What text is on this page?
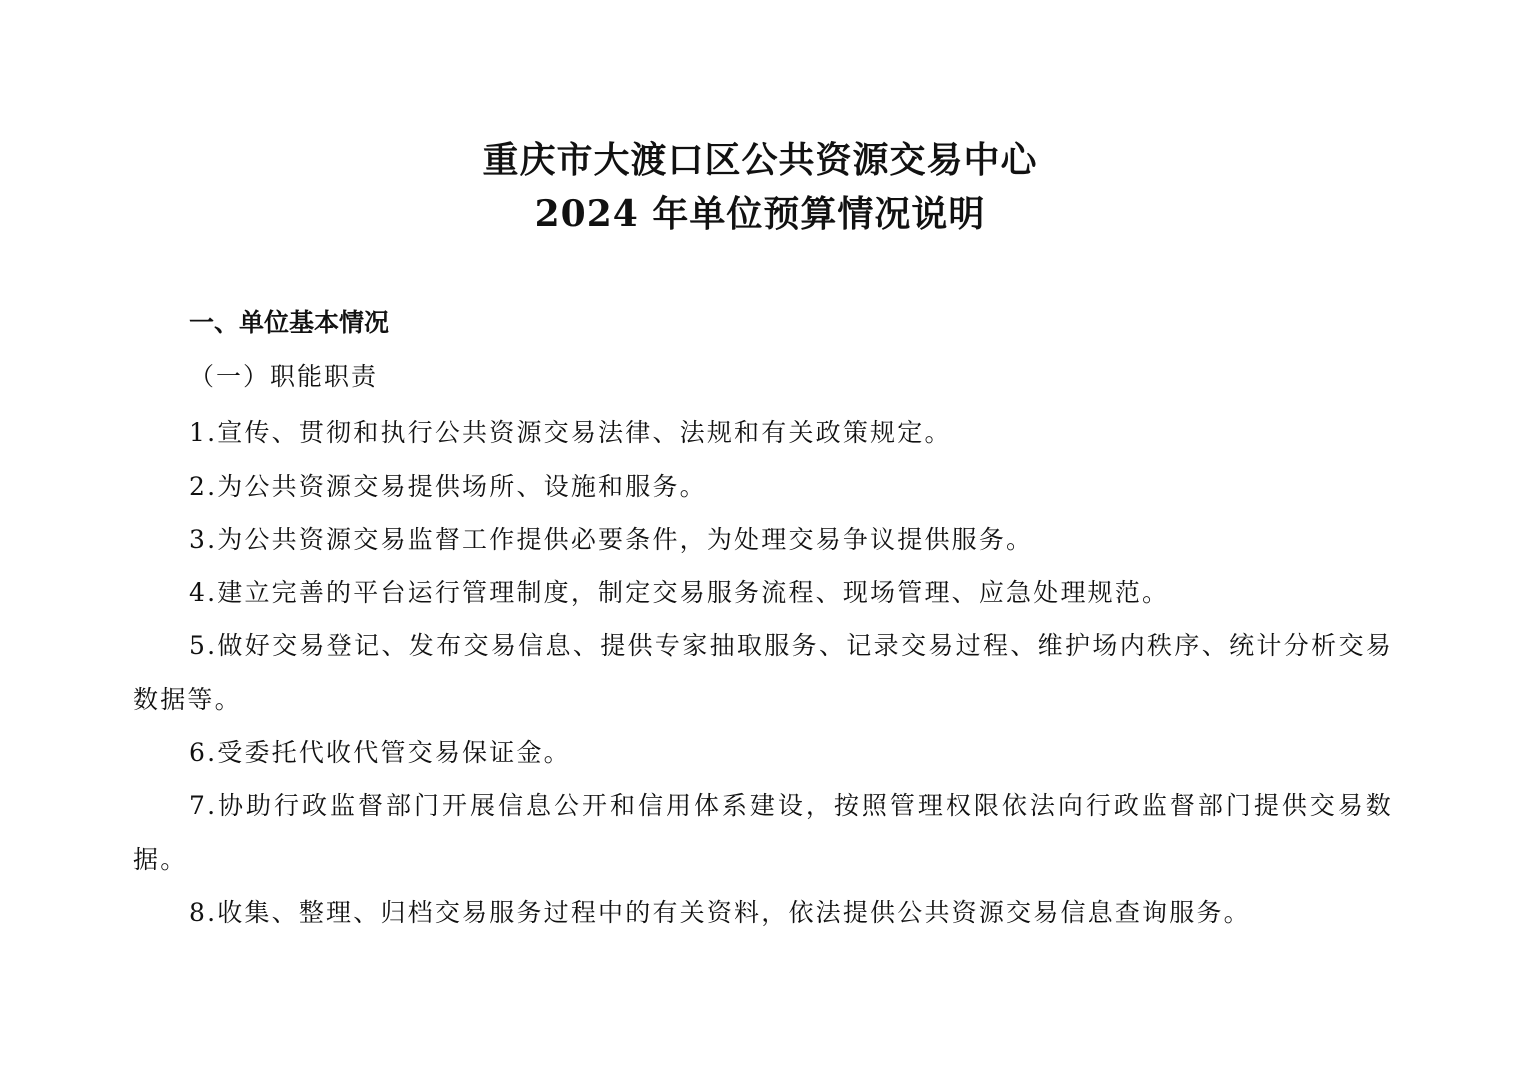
重庆市大渡口区公共资源交易中心
2024 年单位预算情况说明
一、单位基本情况
（一）职能职责

1.宣传、贯彻和执行公共资源交易法律、法规和有关政策规定。

2.为公共资源交易提供场所、设施和服务。

3.为公共资源交易监督工作提供必要条件，为处理交易争议提供服务。

4.建立完善的平台运行管理制度，制定交易服务流程、现场管理、应急处理规范。

5.做好交易登记、发布交易信息、提供专家抽取服务、记录交易过程、维护场内秩序、统计分析交易数据等。

6.受委托代收代管交易保证金。

7.协助行政监督部门开展信息公开和信用体系建设，按照管理权限依法向行政监督部门提供交易数据。

8.收集、整理、归档交易服务过程中的有关资料，依法提供公共资源交易信息查询服务。
